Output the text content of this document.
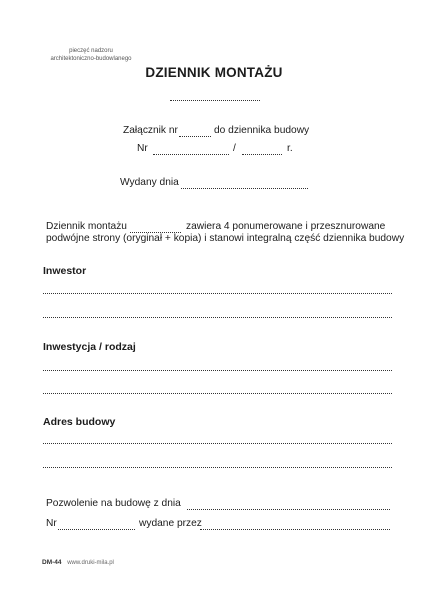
pieczęć nadzoru
architektoniczno-budowlanego
DZIENNIK MONTAŻU
Załącznik nr	do dziennika budowy
Nr	/	r.
Wydany dnia
Dziennik montażu	zawiera 4 ponumerowane i przesznurowane
podwójne strony (oryginał + kopia) i stanowi integralną część dziennika budowy
Inwestor
Inwestycja / rodzaj
Adres budowy
Pozwolenie na budowę z dnia
Nr	wydane przez
DM-44 www.druki-mila.pl
